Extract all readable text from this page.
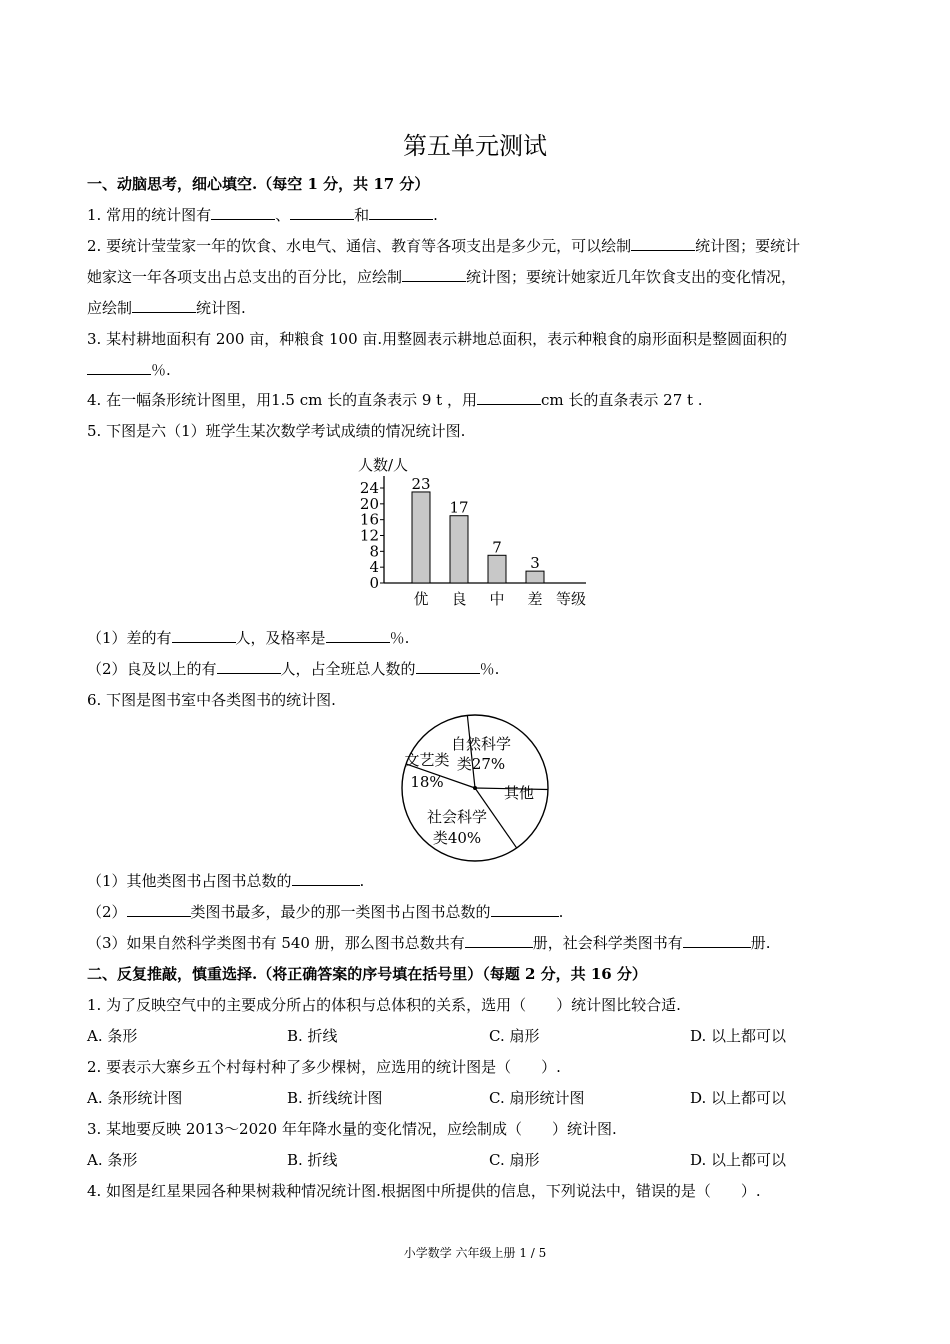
第五单元测试
一、动脑思考，细心填空.（每空 1 分，共 17 分）
1. 常用的统计图有	、	和	.
2. 要统计莹莹家一年的饮食、水电气、通信、教育等各项支出是多少元，可以绘制	统计图；要统计
她家这一年各项支出占总支出的百分比，应绘制	统计图；要统计她家近几年饮食支出的变化情况，
应绘制	统计图.
3. 某村耕地面积有 200 亩，种粮食 100 亩.用整圆表示耕地总面积，表示种粮食的扇形面积是整圆面积的
％.
4. 在一幅条形统计图里，用1.5 cm 长的直条表示 9 t ，用	cm 长的直条表示 27 t .
5. 下图是六（1）班学生某次数学考试成绩的情况统计图.
人数/人
等级
0
4
8
12
16
20
24 23
优
17
良
7
中
3
差
（1）差的有	人，及格率是	％.
（2）良及以上的有	人，占全班总人数的	％.
6. 下图是图书室中各类图书的统计图.
自然科学
类27%
其他
社会科学
类40%
文艺类
18%
（1）其他类图书占图书总数的	.
（2）	类图书最多，最少的那一类图书占图书总数的	.
（3）如果自然科学类图书有 540 册，那么图书总数共有	册，社会科学类图书有	册.
二、反复推敲，慎重选择.（将正确答案的序号填在括号里）（每题 2 分，共 16 分）
1. 为了反映空气中的主要成分所占的体积与总体积的关系，选用（　　）统计图比较合适.
A. 条形	B. 折线	C. 扇形	D. 以上都可以
2. 要表示大寨乡五个村每村种了多少棵树，应选用的统计图是（　　）.
A. 条形统计图	B. 折线统计图	C. 扇形统计图	D. 以上都可以
3. 某地要反映 2013～2020 年年降水量的变化情况，应绘制成（　　）统计图.
A. 条形	B. 折线	C. 扇形	D. 以上都可以
4. 如图是红星果园各种果树栽种情况统计图.根据图中所提供的信息，下列说法中，错误的是（　　）.
小学数学 六年级上册 1 / 5
